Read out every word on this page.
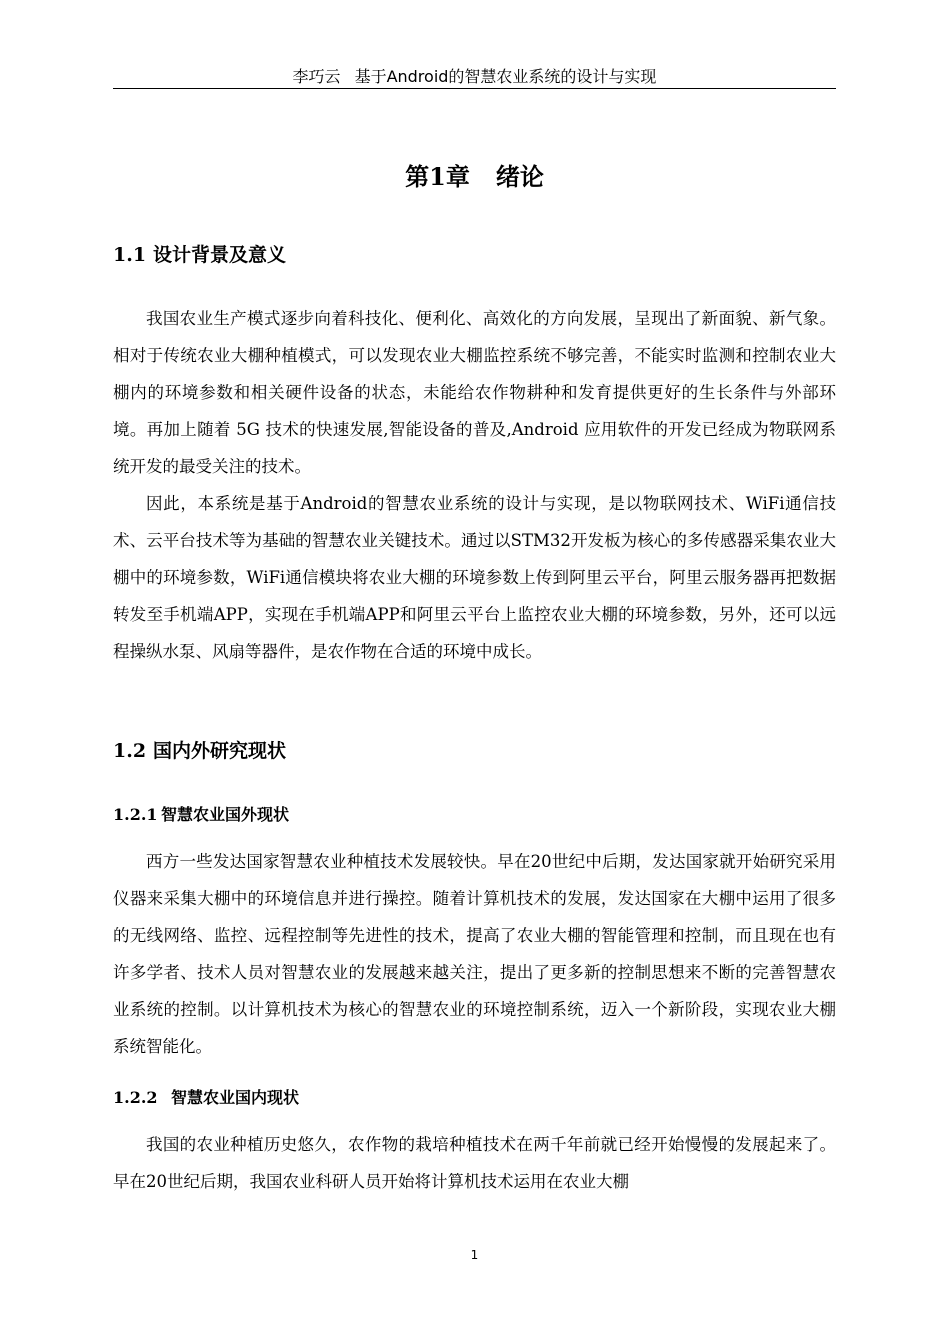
李巧云 基于Android的智慧农业系统的设计与实现
第1章 绪论
1.1 设计背景及意义

我国农业生产模式逐步向着科技化、便利化、高效化的方向发展，呈现出了新面貌、新气象。相对于传统农业大棚种植模式，可以发现农业大棚监控系统不够完善，不能实时监测和控制农业大棚内的环境参数和相关硬件设备的状态，未能给农作物耕种和发育提供更好的生长条件与外部环境。再加上随着 5G 技术的快速发展,智能设备的普及,Android 应用软件的开发已经成为物联网系统开发的最受关注的技术。

因此，本系统是基于Android的智慧农业系统的设计与实现，是以物联网技术、WiFi通信技术、云平台技术等为基础的智慧农业关键技术。通过以STM32开发板为核心的多传感器采集农业大棚中的环境参数，WiFi通信模块将农业大棚的环境参数上传到阿里云平台，阿里云服务器再把数据转发至手机端APP，实现在手机端APP和阿里云平台上监控农业大棚的环境参数，另外，还可以远程操纵水泵、风扇等器件，是农作物在合适的环境中成长。

1.2 国内外研究现状
1.2.1 智慧农业国外现状

西方一些发达国家智慧农业种植技术发展较快。早在20世纪中后期，发达国家就开始研究采用仪器来采集大棚中的环境信息并进行操控。随着计算机技术的发展，发达国家在大棚中运用了很多的无线网络、监控、远程控制等先进性的技术，提高了农业大棚的智能管理和控制，而且现在也有许多学者、技术人员对智慧农业的发展越来越关注，提出了更多新的控制思想来不断的完善智慧农业系统的控制。以计算机技术为核心的智慧农业的环境控制系统，迈入一个新阶段，实现农业大棚系统智能化。

1.2.2 智慧农业国内现状

我国的农业种植历史悠久，农作物的栽培种植技术在两千年前就已经开始慢慢的发展起来了。早在20世纪后期，我国农业科研人员开始将计算机技术运用在农业大棚

1
